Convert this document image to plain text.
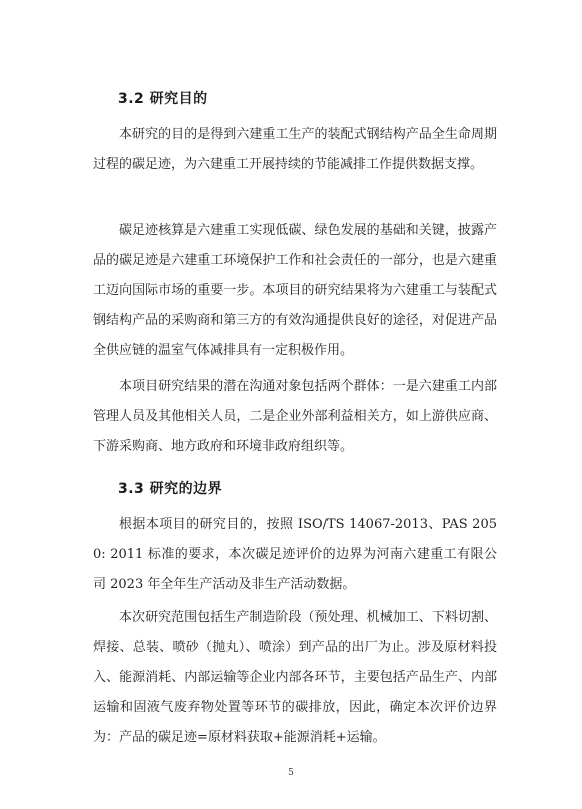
3.2 研究目的
本研究的目的是得到六建重工生产的装配式钢结构产品全生命周期过程的碳足迹，为六建重工开展持续的节能减排工作提供数据支撑。
碳足迹核算是六建重工实现低碳、绿色发展的基础和关键，披露产品的碳足迹是六建重工环境保护工作和社会责任的一部分，也是六建重工迈向国际市场的重要一步。本项目的研究结果将为六建重工与装配式钢结构产品的采购商和第三方的有效沟通提供良好的途径，对促进产品全供应链的温室气体减排具有一定积极作用。
本项目研究结果的潜在沟通对象包括两个群体：一是六建重工内部管理人员及其他相关人员，二是企业外部利益相关方，如上游供应商、下游采购商、地方政府和环境非政府组织等。
3.3 研究的边界
根据本项目的研究目的，按照 ISO/TS 14067-2013、PAS 2050: 2011 标准的要求，本次碳足迹评价的边界为河南六建重工有限公司 2023 年全年生产活动及非生产活动数据。
本次研究范围包括生产制造阶段（预处理、机械加工、下料切割、焊接、总装、喷砂（抛丸）、喷涂）到产品的出厂为止。涉及原材料投入、能源消耗、内部运输等企业内部各环节，主要包括产品生产、内部运输和固液气废弃物处置等环节的碳排放，因此，确定本次评价边界为：产品的碳足迹=原材料获取+能源消耗+运输。
5
